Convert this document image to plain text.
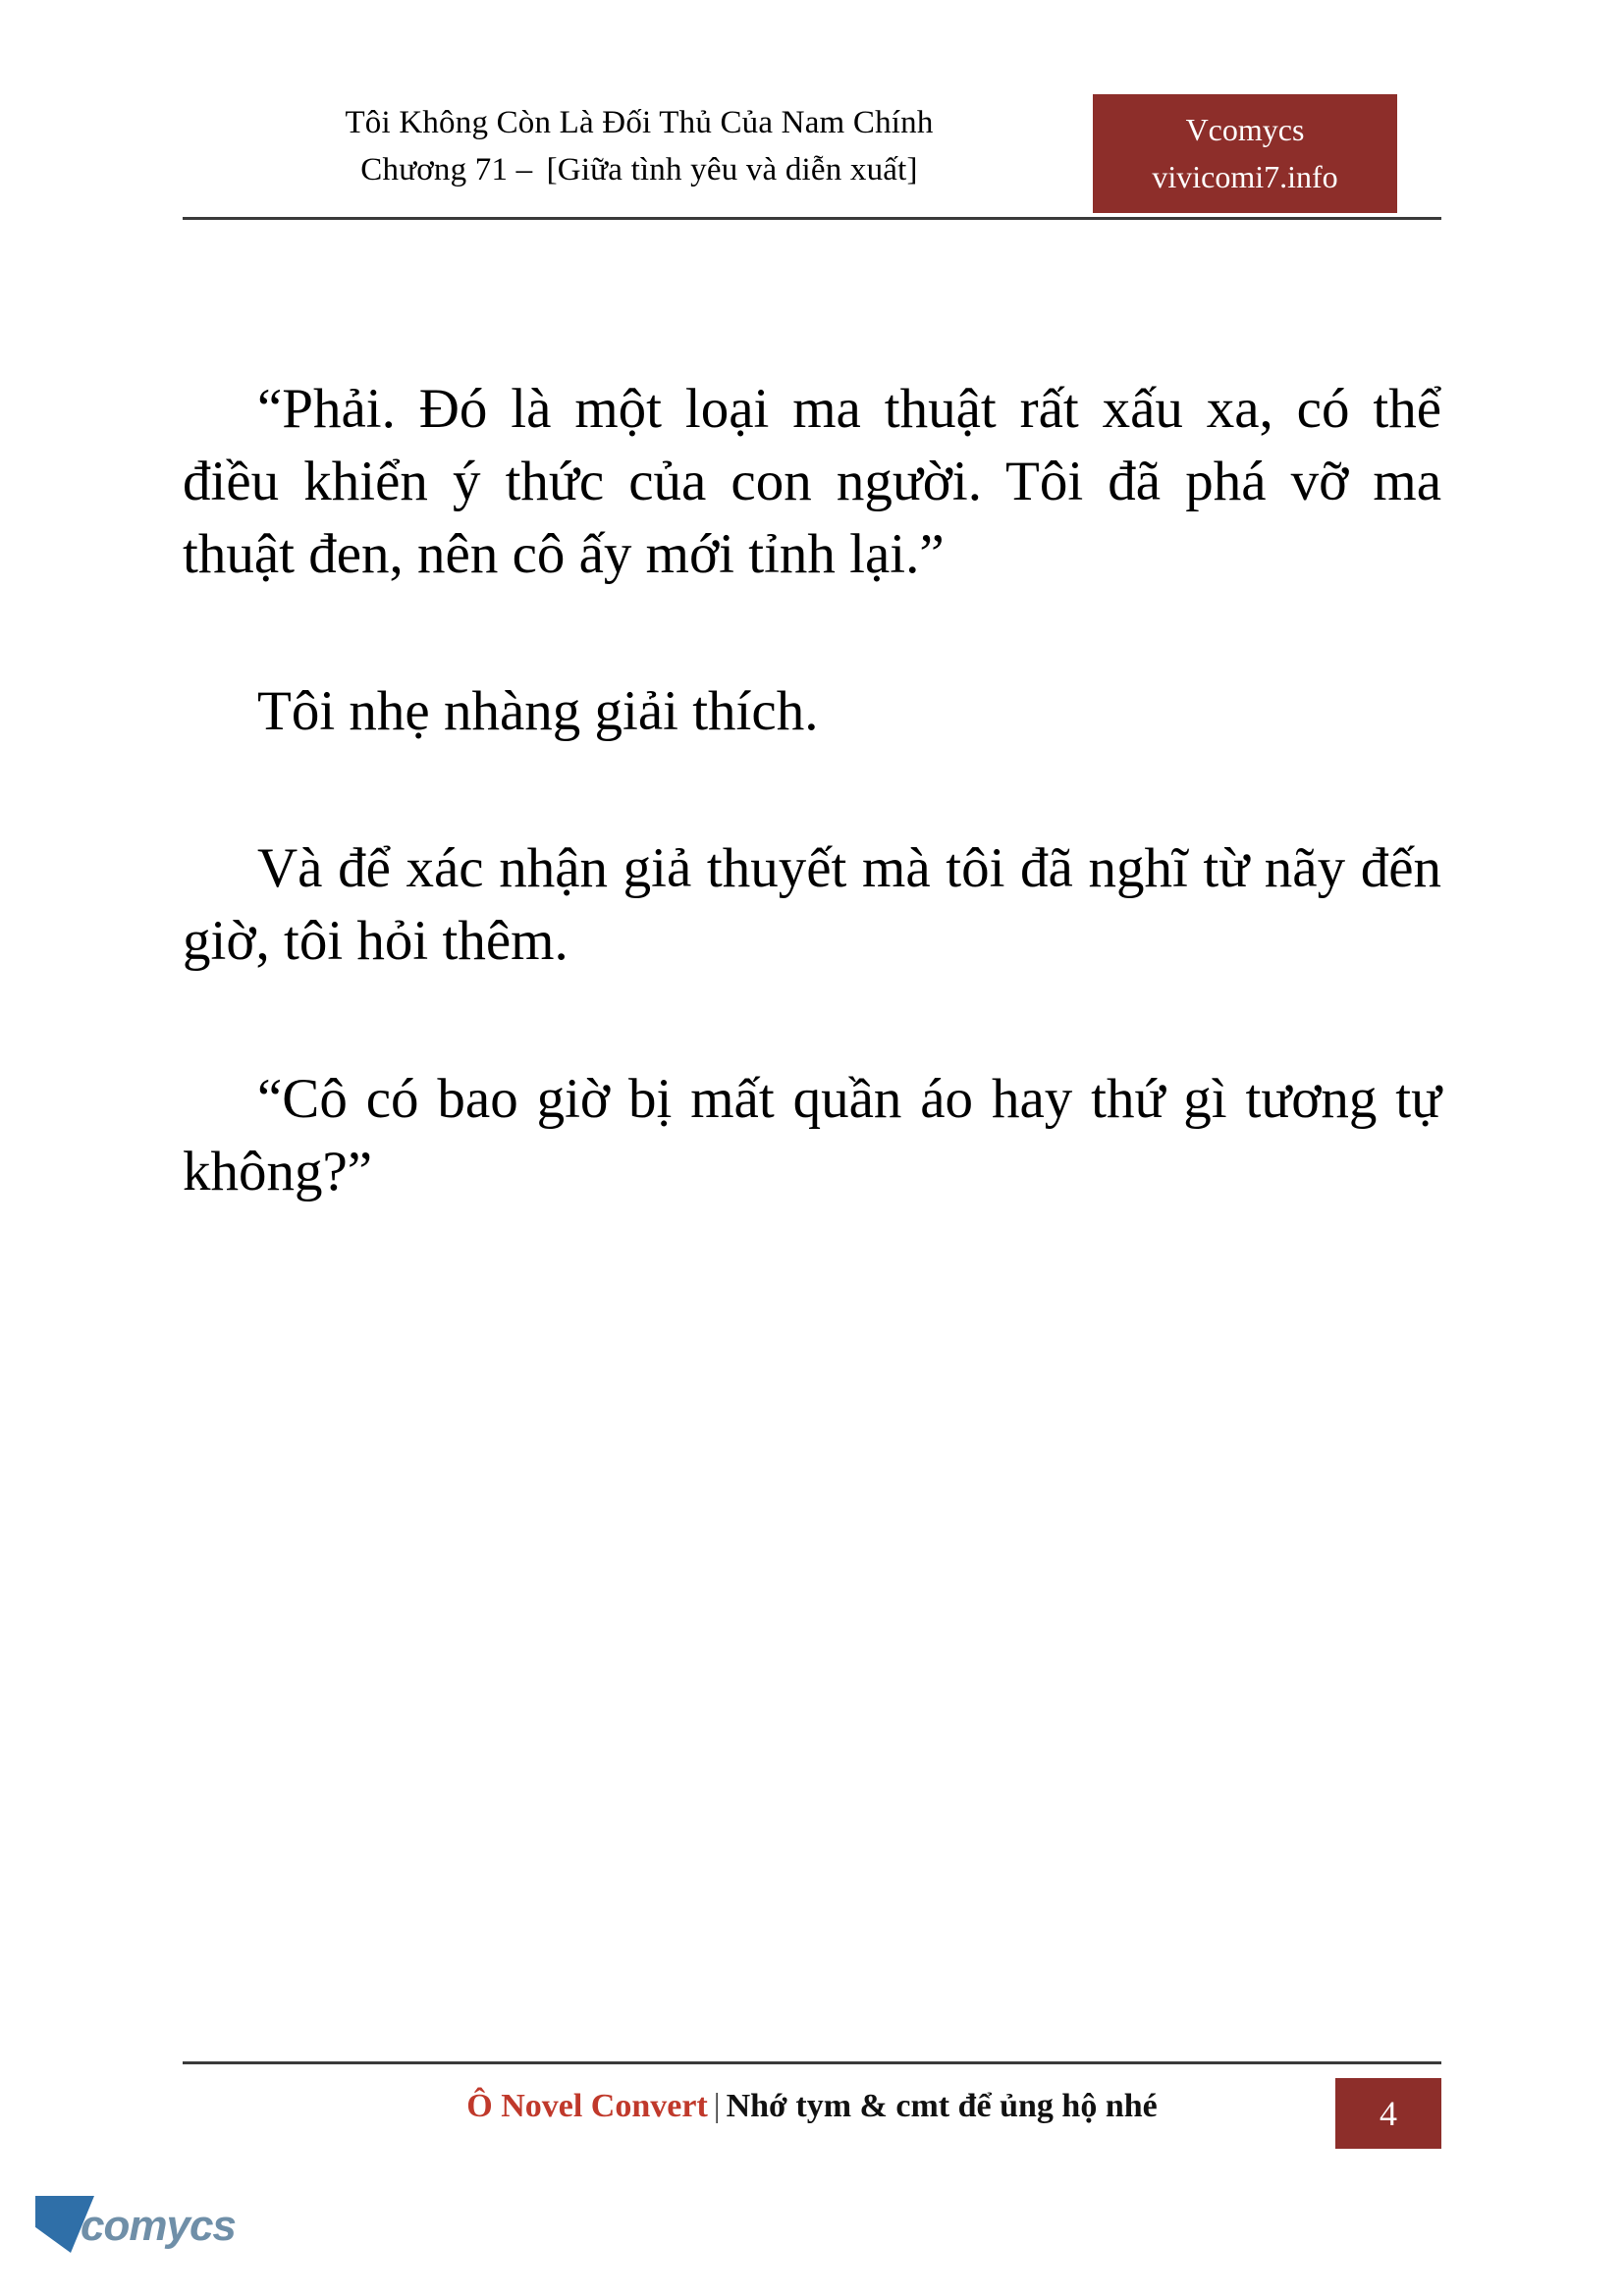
Tôi Không Còn Là Đối Thủ Của Nam Chính
Chương 71 – [Giữa tình yêu và diễn xuất]
Vcomycs
vivicomi7.info

“Phải. Đó là một loại ma thuật rất xấu xa, có thể điều khiển ý thức của con người. Tôi đã phá vỡ ma thuật đen, nên cô ấy mới tỉnh lại.”

Tôi nhẹ nhàng giải thích.

Và để xác nhận giả thuyết mà tôi đã nghĩ từ nãy đến giờ, tôi hỏi thêm.

“Cô có bao giờ bị mất quần áo hay thứ gì tương tự không?”

Ô Novel Convert | Nhớ tym & cmt để ủng hộ nhé	4
comycs
